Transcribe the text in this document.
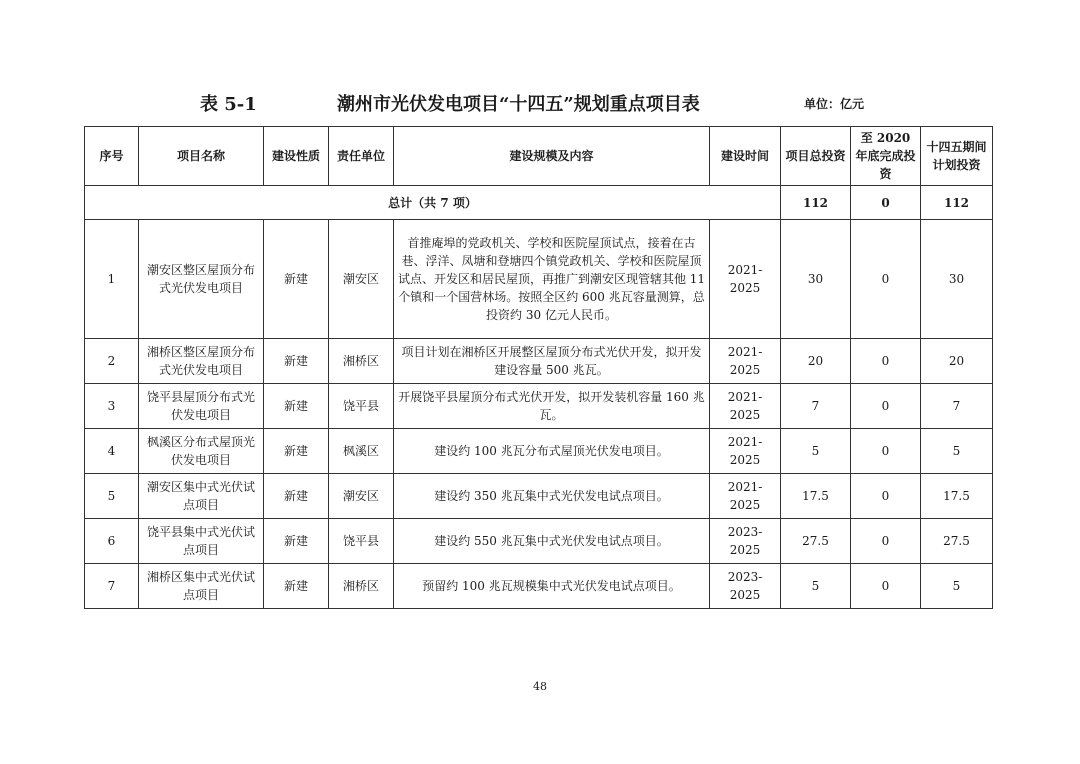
表 5-1	潮州市光伏发电项目“十四五”规划重点项目表	单位：亿元
序号	项目名称	建设性质	责任单位	建设规模及内容	建设时间	项目总投资	至 2020 年底完成投资	十四五期间计划投资
总计（共 7 项）						112	0	112
1	潮安区整区屋顶分布式光伏发电项目	新建	潮安区	首推庵埠的党政机关、学校和医院屋顶试点，接着在古巷、浮洋、凤塘和登塘四个镇党政机关、学校和医院屋顶试点、开发区和居民屋顶，再推广到潮安区现管辖其他 11 个镇和一个国营林场。按照全区约 600 兆瓦容量测算，总投资约 30 亿元人民币。	2021-2025	30	0	30
2	湘桥区整区屋顶分布式光伏发电项目	新建	湘桥区	项目计划在湘桥区开展整区屋顶分布式光伏开发，拟开发建设容量 500 兆瓦。	2021-2025	20	0	20
3	饶平县屋顶分布式光伏发电项目	新建	饶平县	开展饶平县屋顶分布式光伏开发，拟开发装机容量 160 兆瓦。	2021-2025	7	0	7
4	枫溪区分布式屋顶光伏发电项目	新建	枫溪区	建设约 100 兆瓦分布式屋顶光伏发电项目。	2021-2025	5	0	5
5	潮安区集中式光伏试点项目	新建	潮安区	建设约 350 兆瓦集中式光伏发电试点项目。	2021-2025	17.5	0	17.5
6	饶平县集中式光伏试点项目	新建	饶平县	建设约 550 兆瓦集中式光伏发电试点项目。	2023-2025	27.5	0	27.5
7	湘桥区集中式光伏试点项目	新建	湘桥区	预留约 100 兆瓦规模集中式光伏发电试点项目。	2023-2025	5	0	5
48
